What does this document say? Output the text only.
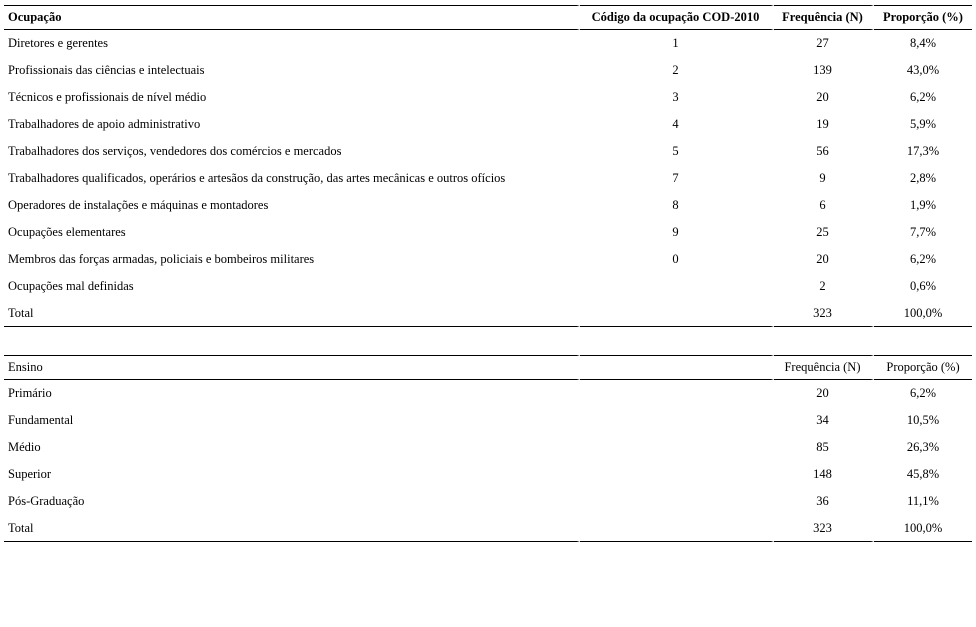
Ocupação	Código da ocupação COD-2010	Frequência (N)	Proporção (%)
Diretores e gerentes	1	27	8,4%
Profissionais das ciências e intelectuais	2	139	43,0%
Técnicos e profissionais de nível médio	3	20	6,2%
Trabalhadores de apoio administrativo	4	19	5,9%
Trabalhadores dos serviços, vendedores dos comércios e mercados	5	56	17,3%
Trabalhadores qualificados, operários e artesãos da construção, das artes mecânicas e outros ofícios	7	9	2,8%
Operadores de instalações e máquinas e montadores	8	6	1,9%
Ocupações elementares	9	25	7,7%
Membros das forças armadas, policiais e bombeiros militares	0	20	6,2%
Ocupações mal definidas		2	0,6%
Total		323	100,0%
Ensino		Frequência (N)	Proporção (%)
Primário		20	6,2%
Fundamental		34	10,5%
Médio		85	26,3%
Superior		148	45,8%
Pós-Graduação		36	11,1%
Total		323	100,0%
